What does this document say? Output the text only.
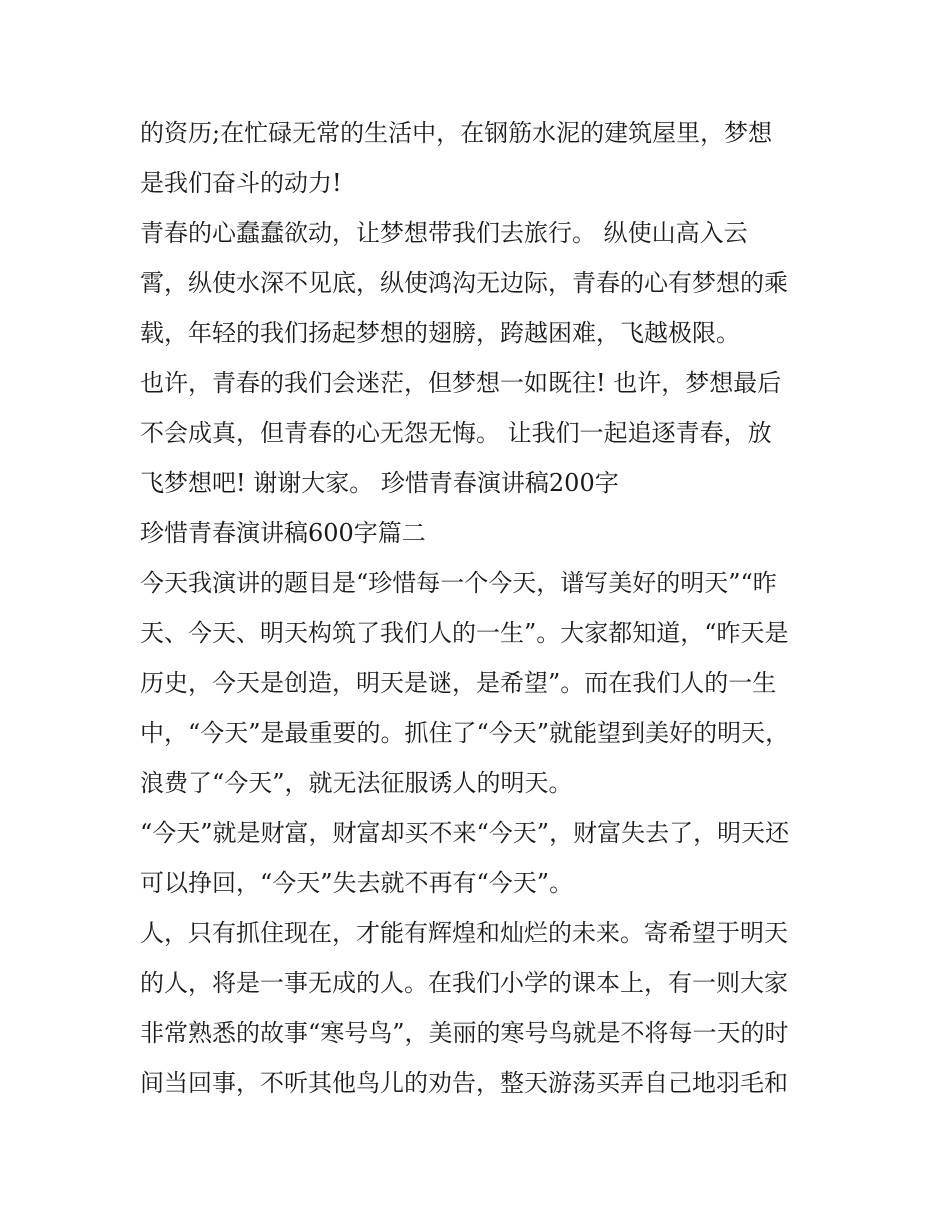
的资历;在忙碌无常的生活中，在钢筋水泥的建筑屋里，梦想
是我们奋斗的动力!
青春的心蠢蠢欲动，让梦想带我们去旅行。 纵使山高入云
霄，纵使水深不见底，纵使鸿沟无边际，青春的心有梦想的乘
载，年轻的我们扬起梦想的翅膀，跨越困难，飞越极限。
也许，青春的我们会迷茫，但梦想一如既往! 也许，梦想最后
不会成真，但青春的心无怨无悔。 让我们一起追逐青春，放
飞梦想吧! 谢谢大家。 珍惜青春演讲稿200字
珍惜青春演讲稿600字篇二
今天我演讲的题目是“珍惜每一个今天，谱写美好的明天”“昨
天、今天、明天构筑了我们人的一生”。大家都知道，“昨天是
历史，今天是创造，明天是谜，是希望”。而在我们人的一生
中，“今天”是最重要的。抓住了“今天”就能望到美好的明天，
浪费了“今天”，就无法征服诱人的明天。
“今天”就是财富，财富却买不来“今天”，财富失去了，明天还
可以挣回，“今天”失去就不再有“今天”。
人，只有抓住现在，才能有辉煌和灿烂的未来。寄希望于明天
的人，将是一事无成的人。在我们小学的课本上，有一则大家
非常熟悉的故事“寒号鸟”，美丽的寒号鸟就是不将每一天的时
间当回事，不听其他鸟儿的劝告，整天游荡买弄自己地羽毛和
